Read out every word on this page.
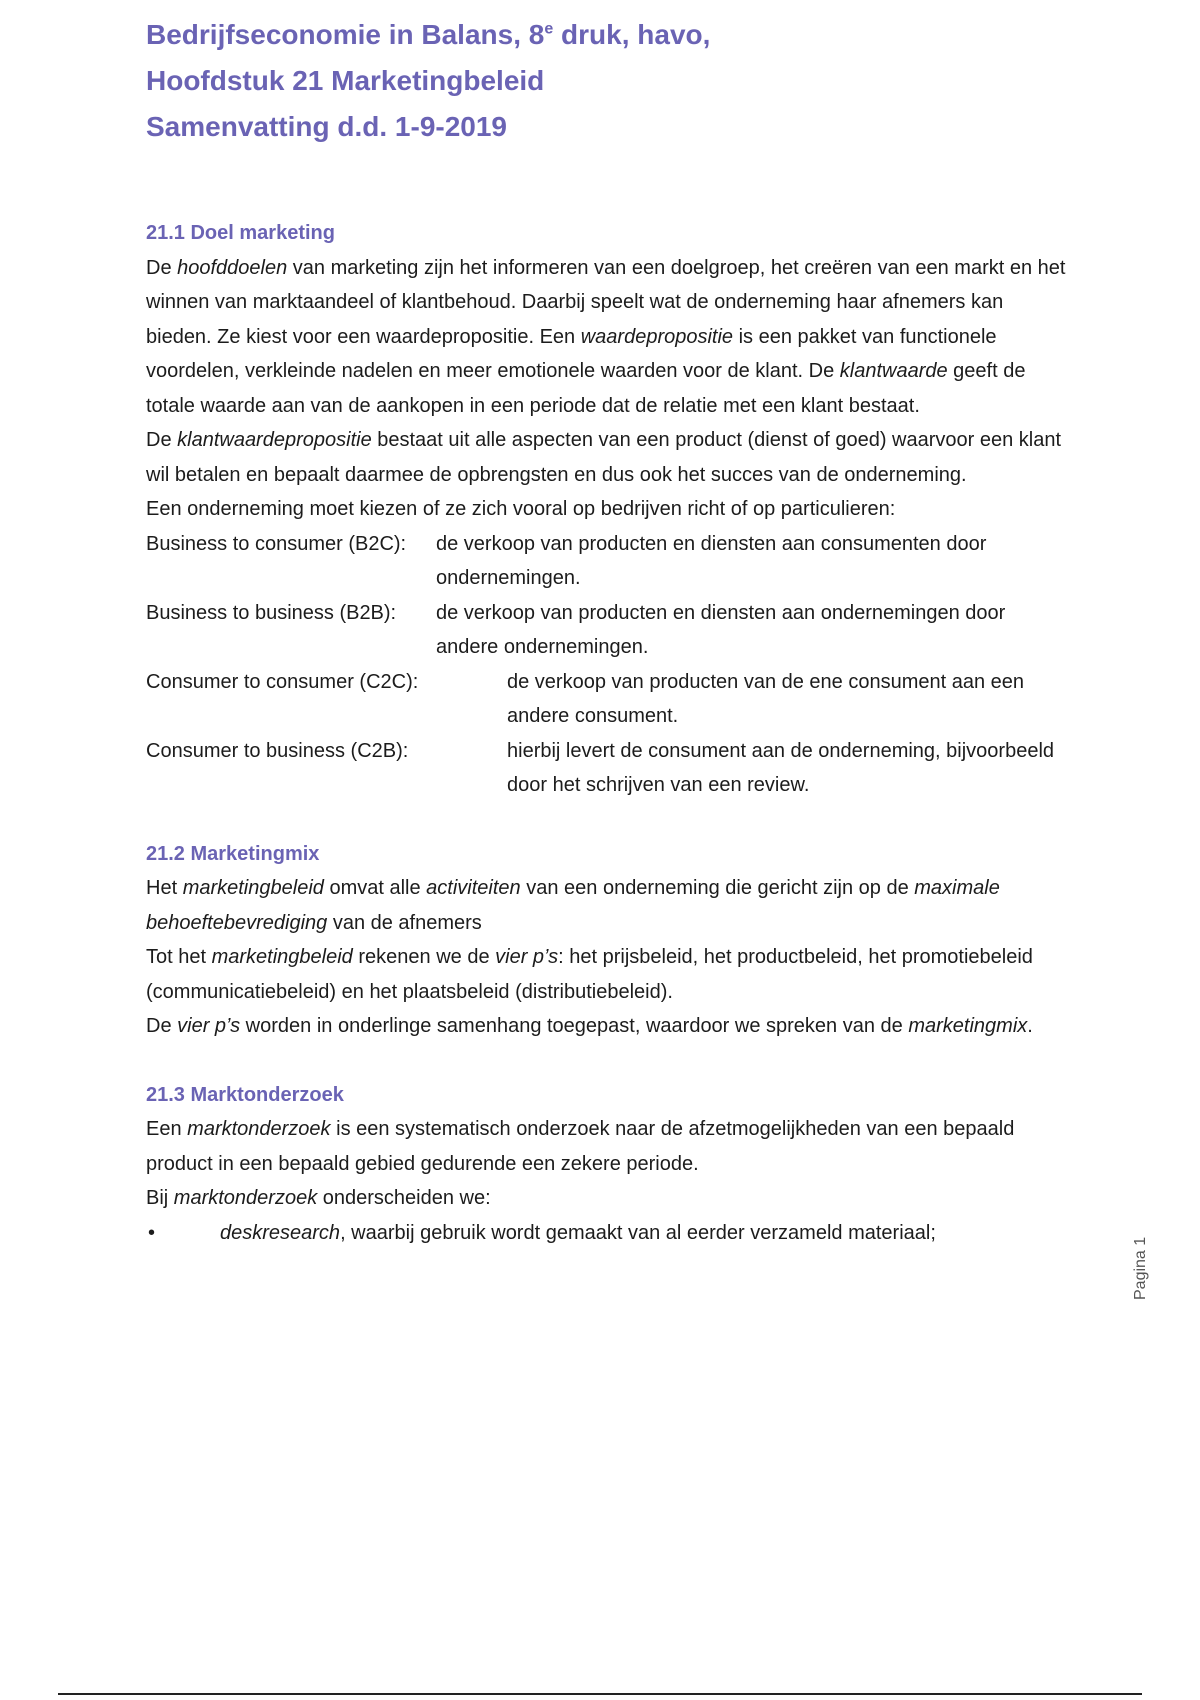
Bedrijfseconomie in Balans, 8e druk, havo,
Hoofdstuk 21 Marketingbeleid
Samenvatting d.d. 1-9-2019
21.1 Doel marketing

De hoofddoelen van marketing zijn het informeren van een doelgroep, het creëren van een markt en het winnen van marktaandeel of klantbehoud. Daarbij speelt wat de onderneming haar afnemers kan bieden. Ze kiest voor een waardepropositie. Een waardepropositie is een pakket van functionele voordelen, verkleinde nadelen en meer emotionele waarden voor de klant. De klantwaarde geeft de totale waarde aan van de aankopen in een periode dat de relatie met een klant bestaat.

De klantwaardepropositie bestaat uit alle aspecten van een product (dienst of goed) waarvoor een klant wil betalen en bepaalt daarmee de opbrengsten en dus ook het succes van de onderneming.

Een onderneming moet kiezen of ze zich vooral op bedrijven richt of op particulieren:

Business to consumer (B2C):	de verkoop van producten en diensten aan consumenten door ondernemingen.
Business to business (B2B):	de verkoop van producten en diensten aan ondernemingen door andere ondernemingen.
Consumer to consumer (C2C):	de verkoop van producten van de ene consument aan een andere consument.
Consumer to business (C2B):	hierbij levert de consument aan de onderneming, bijvoorbeeld door het schrijven van een review.
21.2 Marketingmix

Het marketingbeleid omvat alle activiteiten van een onderneming die gericht zijn op de maximale behoeftebevrediging van de afnemers

Tot het marketingbeleid rekenen we de vier p’s: het prijsbeleid, het productbeleid, het promotiebeleid (communicatiebeleid) en het plaatsbeleid (distributiebeleid).

De vier p’s worden in onderlinge samenhang toegepast, waardoor we spreken van de marketingmix.

21.3 Marktonderzoek

Een marktonderzoek is een systematisch onderzoek naar de afzetmogelijkheden van een bepaald product in een bepaald gebied gedurende een zekere periode.

Bij marktonderzoek onderscheiden we:

•	deskresearch, waarbij gebruik wordt gemaakt van al eerder verzameld materiaal;
Pagina 1
